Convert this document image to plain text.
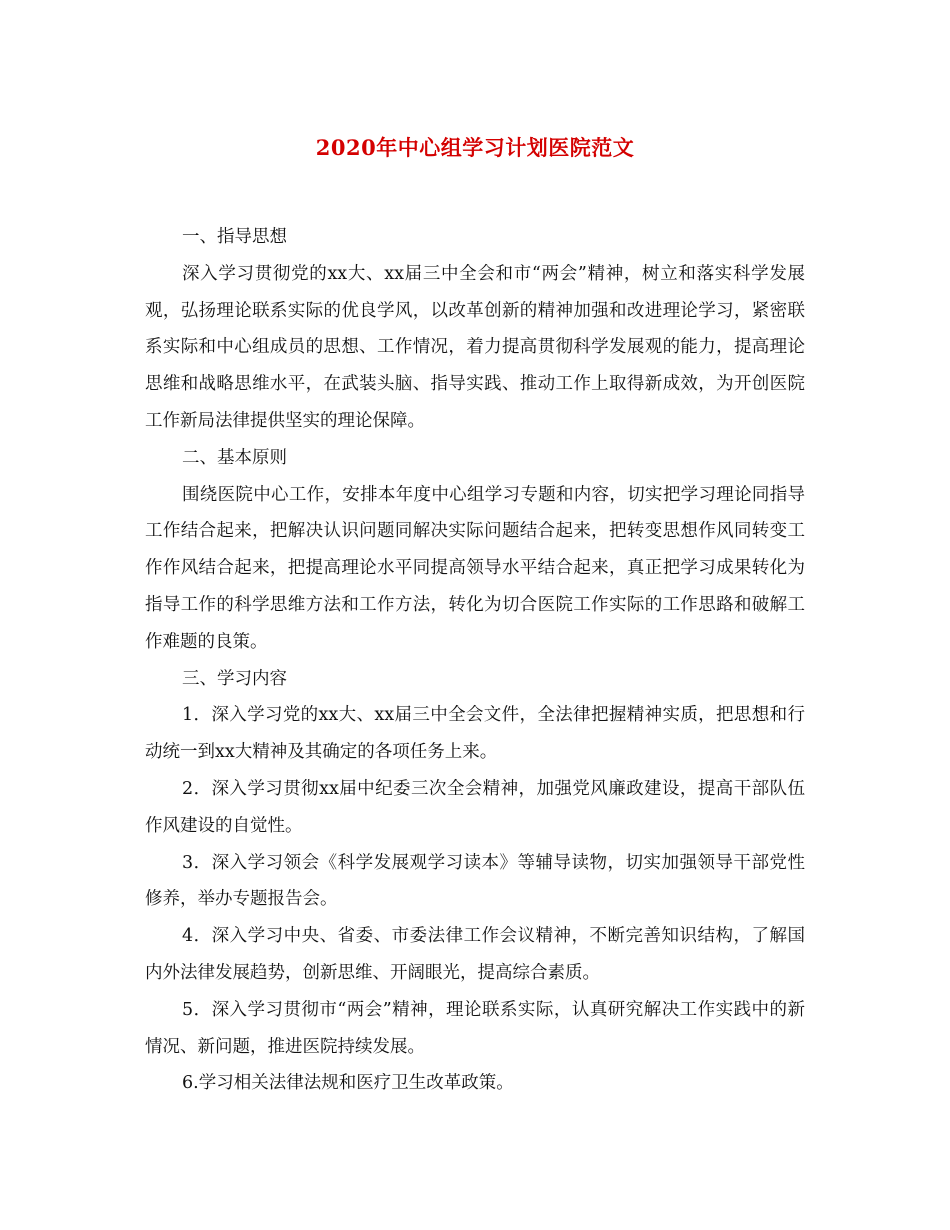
2020年中心组学习计划医院范文

一、指导思想

深入学习贯彻党的xx大、xx届三中全会和市“两会”精神，树立和落实科学发展观，弘扬理论联系实际的优良学风，以改革创新的精神加强和改进理论学习，紧密联系实际和中心组成员的思想、工作情况，着力提高贯彻科学发展观的能力，提高理论思维和战略思维水平，在武装头脑、指导实践、推动工作上取得新成效，为开创医院工作新局法律提供坚实的理论保障。

二、基本原则

围绕医院中心工作，安排本年度中心组学习专题和内容，切实把学习理论同指导工作结合起来，把解决认识问题同解决实际问题结合起来，把转变思想作风同转变工作作风结合起来，把提高理论水平同提高领导水平结合起来，真正把学习成果转化为指导工作的科学思维方法和工作方法，转化为切合医院工作实际的工作思路和破解工作难题的良策。

三、学习内容

1．深入学习党的xx大、xx届三中全会文件，全法律把握精神实质，把思想和行动统一到xx大精神及其确定的各项任务上来。

2．深入学习贯彻xx届中纪委三次全会精神，加强党风廉政建设，提高干部队伍作风建设的自觉性。

3．深入学习领会《科学发展观学习读本》等辅导读物，切实加强领导干部党性修养，举办专题报告会。

4．深入学习中央、省委、市委法律工作会议精神，不断完善知识结构，了解国内外法律发展趋势，创新思维、开阔眼光，提高综合素质。

5．深入学习贯彻市“两会”精神，理论联系实际，认真研究解决工作实践中的新情况、新问题，推进医院持续发展。

6.学习相关法律法规和医疗卫生改革政策。
